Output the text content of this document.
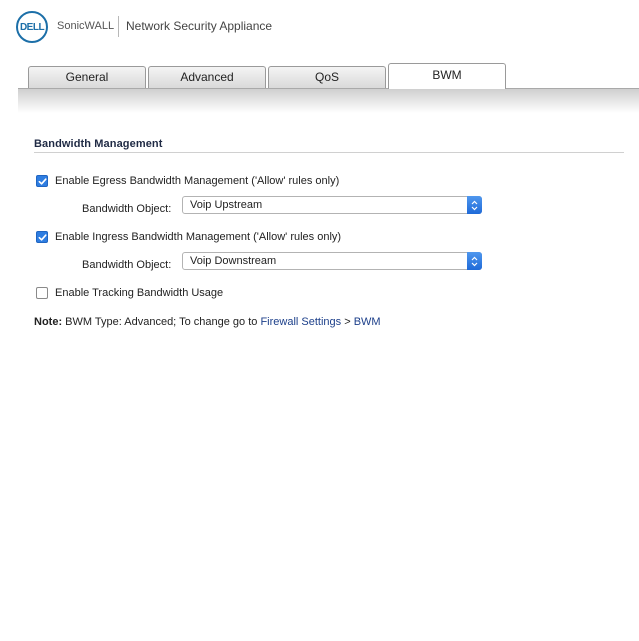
DELL SonicWALL Network Security Appliance
General	Advanced	QoS	BWM
Bandwidth Management
Enable Egress Bandwidth Management ('Allow' rules only)
Bandwidth Object:	Voip Upstream
Enable Ingress Bandwidth Management ('Allow' rules only)
Bandwidth Object:	Voip Downstream
Enable Tracking Bandwidth Usage
Note: BWM Type: Advanced; To change go to Firewall Settings > BWM
